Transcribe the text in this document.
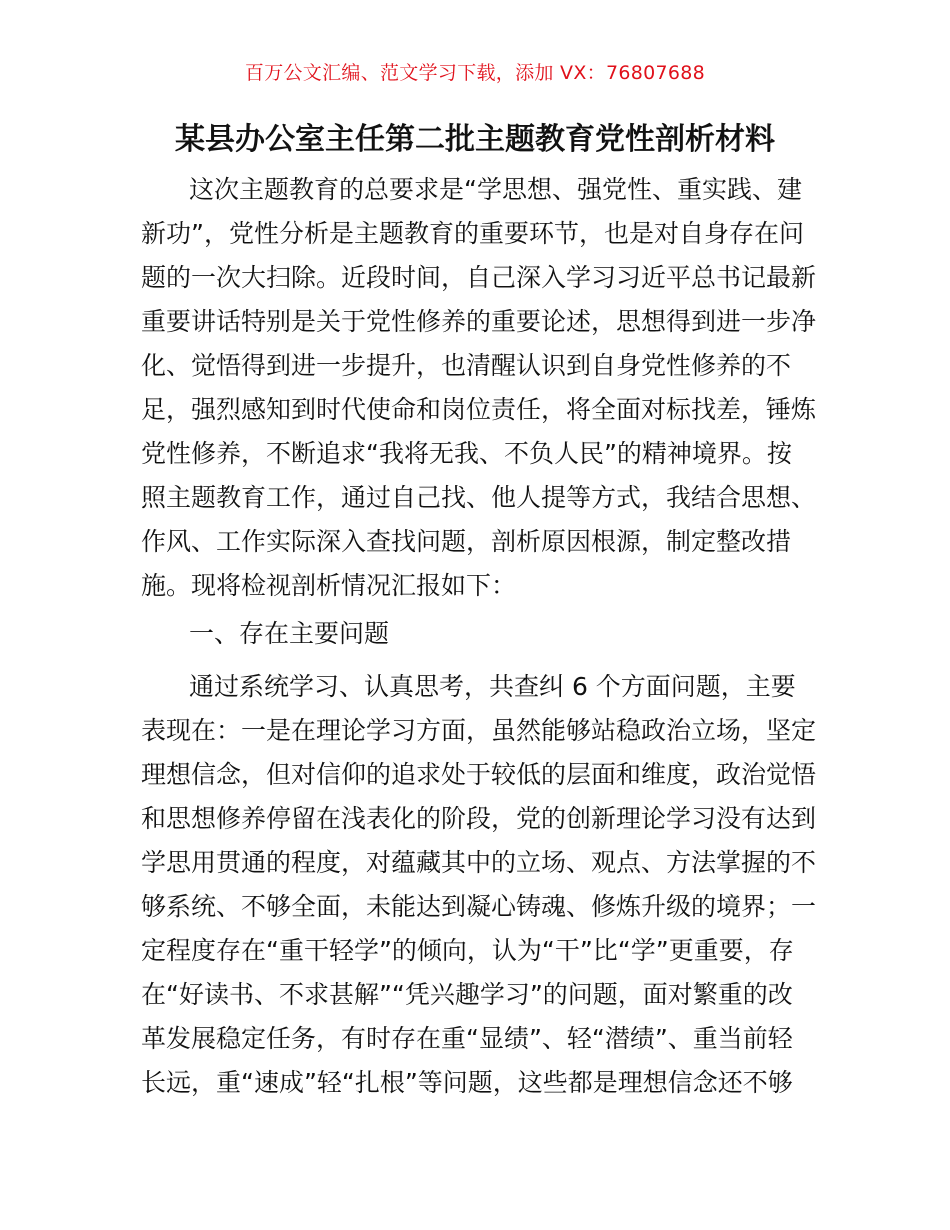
百万公文汇编、范文学习下载，添加 VX：76807688
某县办公室主任第二批主题教育党性剖析材料
这次主题教育的总要求是“学思想、强党性、重实践、建
新功”，党性分析是主题教育的重要环节，也是对自身存在问
题的一次大扫除。近段时间，自己深入学习习近平总书记最新
重要讲话特别是关于党性修养的重要论述，思想得到进一步净
化、觉悟得到进一步提升，也清醒认识到自身党性修养的不
足，强烈感知到时代使命和岗位责任，将全面对标找差，锤炼
党性修养，不断追求“我将无我、不负人民”的精神境界。按
照主题教育工作，通过自己找、他人提等方式，我结合思想、
作风、工作实际深入查找问题，剖析原因根源，制定整改措
施。现将检视剖析情况汇报如下：
一、存在主要问题
通过系统学习、认真思考，共查纠 6 个方面问题，主要
表现在：一是在理论学习方面，虽然能够站稳政治立场，坚定
理想信念，但对信仰的追求处于较低的层面和维度，政治觉悟
和思想修养停留在浅表化的阶段，党的创新理论学习没有达到
学思用贯通的程度，对蕴藏其中的立场、观点、方法掌握的不
够系统、不够全面，未能达到凝心铸魂、修炼升级的境界；一
定程度存在“重干轻学”的倾向，认为“干”比“学”更重要，存
在“好读书、不求甚解”“凭兴趣学习”的问题，面对繁重的改
革发展稳定任务，有时存在重“显绩”、轻“潜绩”、重当前轻
长远，重“速成”轻“扎根”等问题，这些都是理想信念还不够
